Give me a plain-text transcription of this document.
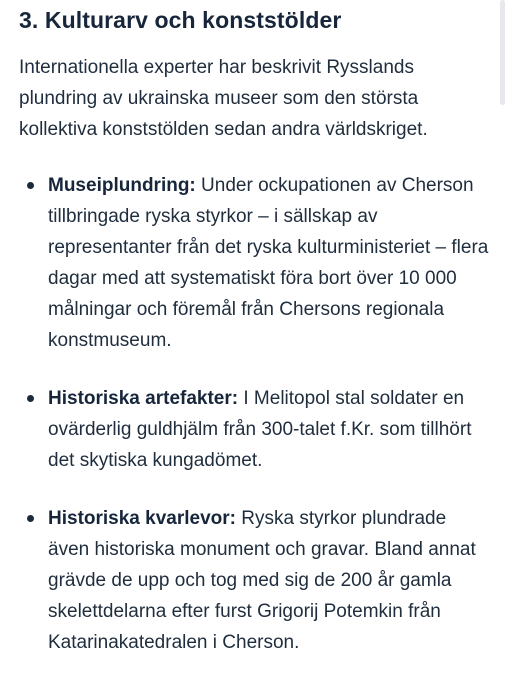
3. Kulturarv och konststölder

Internationella experter har beskrivit Rysslands plundring av ukrainska museer som den största kollektiva konststölden sedan andra världskriget.

Museiplundring: Under ockupationen av Cherson tillbringade ryska styrkor – i sällskap av representanter från det ryska kulturministeriet – flera dagar med att systematiskt föra bort över 10 000 målningar och föremål från Chersons regionala konstmuseum.
Historiska artefakter: I Melitopol stal soldater en ovärderlig guldhjälm från 300-talet f.Kr. som tillhört det skytiska kungadömet.
Historiska kvarlevor: Ryska styrkor plundrade även historiska monument och gravar. Bland annat grävde de upp och tog med sig de 200 år gamla skelettdelarna efter furst Grigorij Potemkin från Katarinakatedralen i Cherson.
